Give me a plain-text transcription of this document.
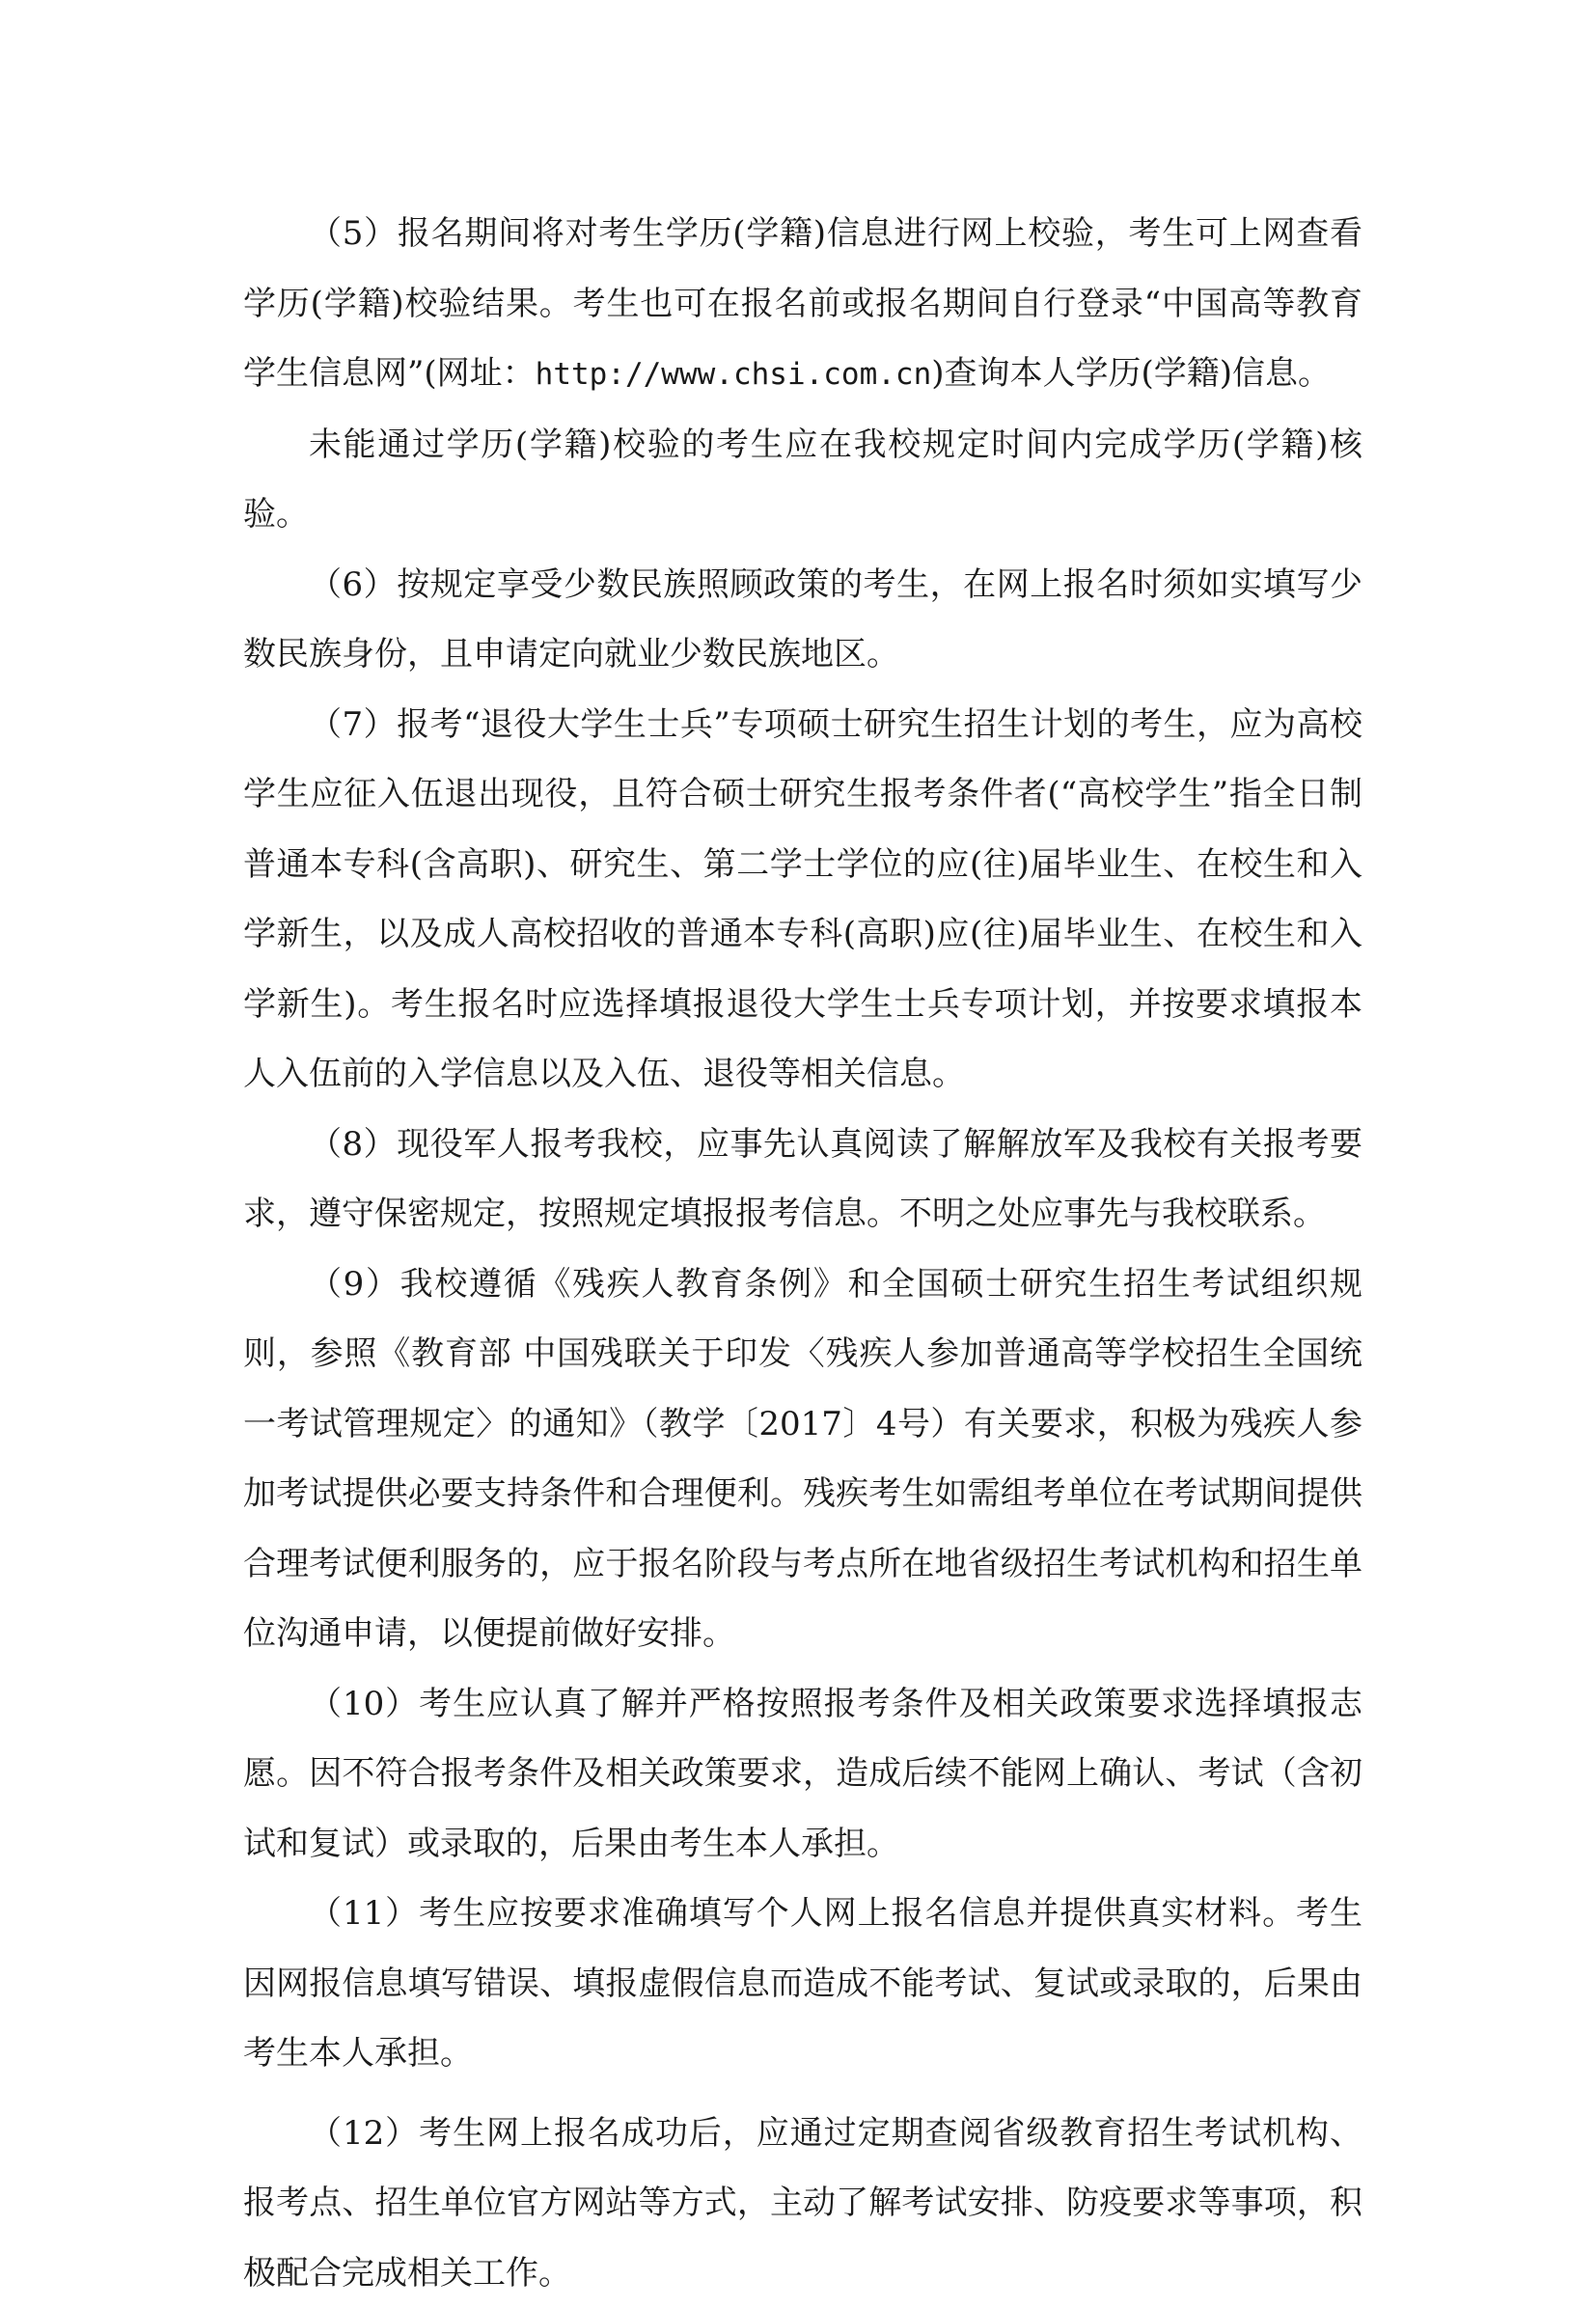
（5）报名期间将对考生学历(学籍)信息进行网上校验，考生可上网查看学历(学籍)校验结果。考生也可在报名前或报名期间自行登录“中国高等教育学生信息网”(网址：http://www.chsi.com.cn)查询本人学历(学籍)信息。

未能通过学历(学籍)校验的考生应在我校规定时间内完成学历(学籍)核验。

（6）按规定享受少数民族照顾政策的考生，在网上报名时须如实填写少数民族身份，且申请定向就业少数民族地区。

（7）报考“退役大学生士兵”专项硕士研究生招生计划的考生，应为高校学生应征入伍退出现役，且符合硕士研究生报考条件者(“高校学生”指全日制普通本专科(含高职)、研究生、第二学士学位的应(往)届毕业生、在校生和入学新生，以及成人高校招收的普通本专科(高职)应(往)届毕业生、在校生和入学新生)。考生报名时应选择填报退役大学生士兵专项计划，并按要求填报本人入伍前的入学信息以及入伍、退役等相关信息。

（8）现役军人报考我校，应事先认真阅读了解解放军及我校有关报考要求，遵守保密规定，按照规定填报报考信息。不明之处应事先与我校联系。

（9）我校遵循《残疾人教育条例》和全国硕士研究生招生考试组织规则，参照《教育部 中国残联关于印发〈残疾人参加普通高等学校招生全国统一考试管理规定〉的通知》（教学〔2017〕4号）有关要求，积极为残疾人参加考试提供必要支持条件和合理便利。残疾考生如需组考单位在考试期间提供合理考试便利服务的，应于报名阶段与考点所在地省级招生考试机构和招生单位沟通申请，以便提前做好安排。

（10）考生应认真了解并严格按照报考条件及相关政策要求选择填报志愿。因不符合报考条件及相关政策要求，造成后续不能网上确认、考试（含初试和复试）或录取的，后果由考生本人承担。

（11）考生应按要求准确填写个人网上报名信息并提供真实材料。考生因网报信息填写错误、填报虚假信息而造成不能考试、复试或录取的，后果由考生本人承担。

（12）考生网上报名成功后，应通过定期查阅省级教育招生考试机构、报考点、招生单位官方网站等方式，主动了解考试安排、防疫要求等事项，积极配合完成相关工作。
